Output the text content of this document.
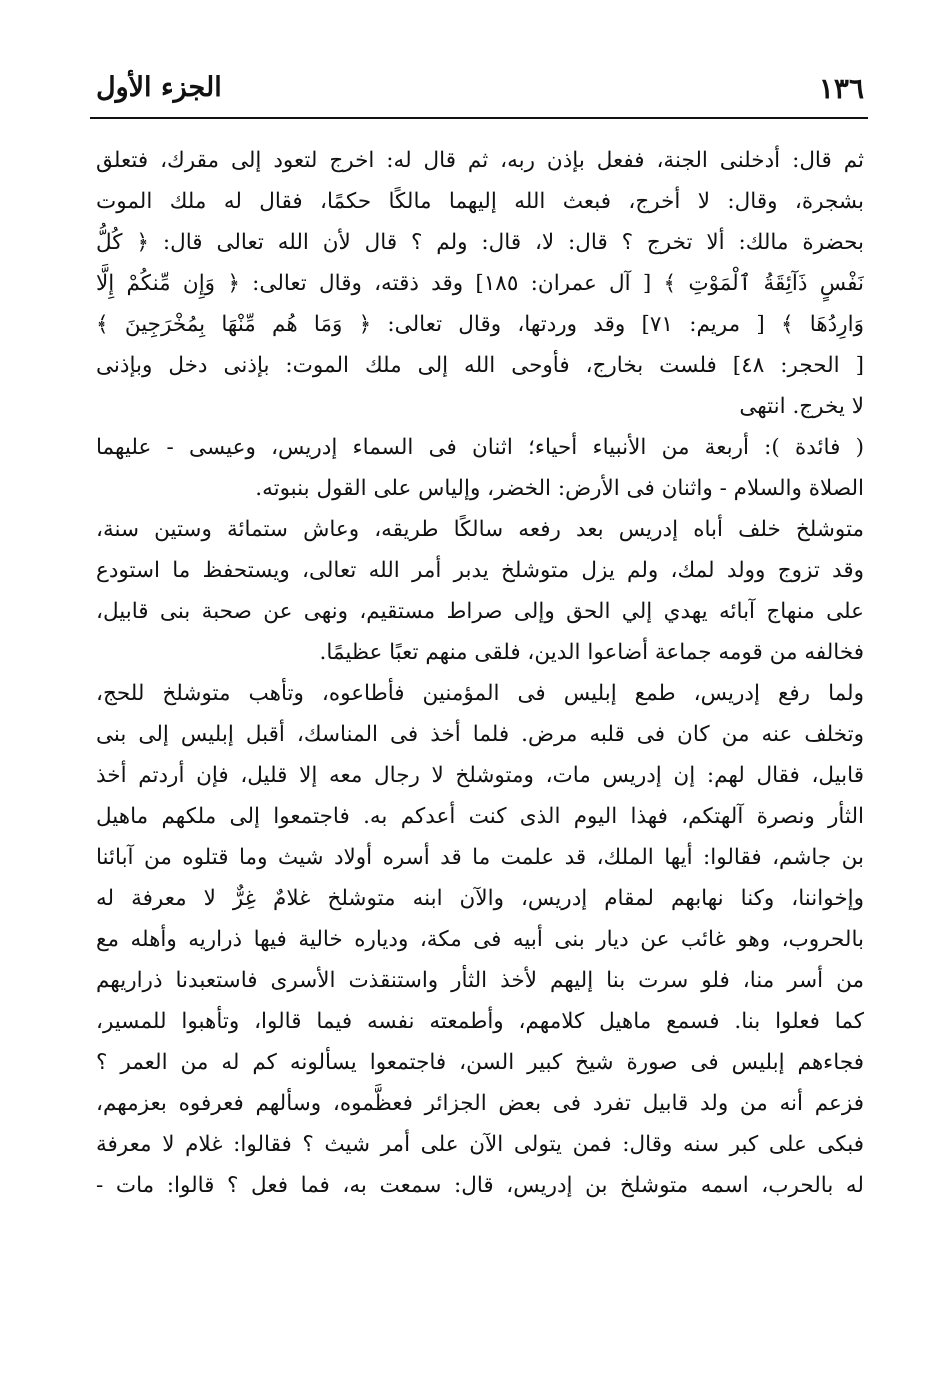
١٣٦
الجزء الأول
ثم قال: أدخلنى الجنة، ففعل بإذن ربه، ثم قال له: اخرج لتعود إلى مقرك، فتعلق
بشجرة، وقال: لا أخرج، فبعث الله إليهما مالكًا حكمًا، فقال له ملك الموت
بحضرة مالك: ألا تخرج ؟ قال: لا، قال: ولم ؟ قال لأن الله تعالى قال: ﴿ كُلُّ
نَفْسٍ ذَآئِقَةُ ٱلْمَوْتِ ﴾ [ آل عمران: ١٨٥] وقد ذقته، وقال تعالى: ﴿ وَإِن مِّنكُمْ إِلَّا
وَارِدُهَا ﴾ [ مريم: ٧١] وقد وردتها، وقال تعالى: ﴿ وَمَا هُم مِّنْهَا بِمُخْرَجِينَ ﴾
[ الحجر: ٤٨] فلست بخارج، فأوحى الله إلى ملك الموت: بإذنى دخل وبإذنى
لا يخرج. انتهى
( فائدة ): أربعة من الأنبياء أحياء؛ اثنان فى السماء إدريس، وعيسى - عليهما
الصلاة والسلام - واثنان فى الأرض: الخضر، وإلياس على القول بنبوته.
متوشلخ خلف أباه إدريس بعد رفعه سالكًا طريقه، وعاش ستمائة وستين سنة،
وقد تزوج وولد لمك، ولم يزل متوشلخ يدبر أمر الله تعالى، ويستحفظ ما استودع
على منهاج آبائه يهدي إلي الحق وإلى صراط مستقيم، ونهى عن صحبة بنى قابيل،
فخالفه من قومه جماعة أضاعوا الدين، فلقى منهم تعبًا عظيمًا.
ولما رفع إدريس، طمع إبليس فى المؤمنين فأطاعوه، وتأهب متوشلخ للحج،
وتخلف عنه من كان فى قلبه مرض. فلما أخذ فى المناسك، أقبل إبليس إلى بنى
قابيل، فقال لهم: إن إدريس مات، ومتوشلخ لا رجال معه إلا قليل، فإن أردتم أخذ
الثأر ونصرة آلهتكم، فهذا اليوم الذى كنت أعدكم به. فاجتمعوا إلى ملكهم ماهيل
بن جاشم، فقالوا: أيها الملك، قد علمت ما قد أسره أولاد شيث وما قتلوه من آبائنا
وإخواننا، وكنا نهابهم لمقام إدريس، والآن ابنه متوشلخ غلامٌ غِرٌّ لا معرفة له
بالحروب، وهو غائب عن ديار بنى أبيه فى مكة، ودياره خالية فيها ذراريه وأهله مع
من أسر منا، فلو سرت بنا إليهم لأخذ الثأر واستنقذت الأسرى فاستعبدنا ذراريهم
كما فعلوا بنا. فسمع ماهيل كلامهم، وأطمعته نفسه فيما قالوا، وتأهبوا للمسير،
فجاءهم إبليس فى صورة شيخ كبير السن، فاجتمعوا يسألونه كم له من العمر ؟
فزعم أنه من ولد قابيل تفرد فى بعض الجزائر فعظَّموه، وسألهم فعرفوه بعزمهم،
فبكى على كبر سنه وقال: فمن يتولى الآن على أمر شيث ؟ فقالوا: غلام لا معرفة
له بالحرب، اسمه متوشلخ بن إدريس، قال: سمعت به، فما فعل ؟ قالوا: مات -
